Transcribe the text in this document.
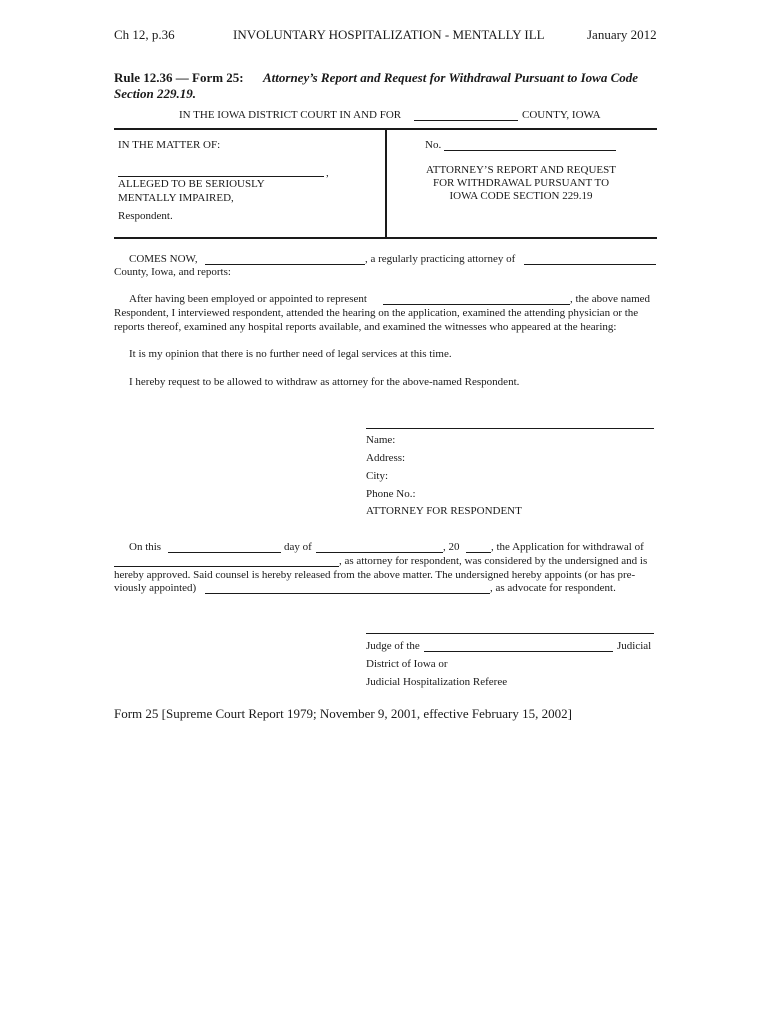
Ch 12, p.36	INVOLUNTARY HOSPITALIZATION - MENTALLY ILL	January 2012
Rule 12.36 — Form 25: Attorney’s Report and Request for Withdrawal Pursuant to Iowa Code
Section 229.19.
IN THE IOWA DISTRICT COURT IN AND FOR	COUNTY, IOWA
IN THE MATTER OF:
,
ALLEGED TO BE SERIOUSLY
MENTALLY IMPAIRED,
Respondent.
No.
ATTORNEY’S REPORT AND REQUEST
FOR WITHDRAWAL PURSUANT TO
IOWA CODE SECTION 229.19
COMES NOW,	, a regularly practicing attorney of
County, Iowa, and reports:
After having been employed or appointed to represent	, the above named
Respondent, I interviewed respondent, attended the hearing on the application, examined the attending physician or the
reports thereof, examined any hospital reports available, and examined the witnesses who appeared at the hearing:
It is my opinion that there is no further need of legal services at this time.
I hereby request to be allowed to withdraw as attorney for the above-named Respondent.
Name:
Address:
City:
Phone No.:
ATTORNEY FOR RESPONDENT
On this	day of	, 20	, the Application for withdrawal of
, as attorney for respondent, was considered by the undersigned and is
hereby approved. Said counsel is hereby released from the above matter. The undersigned hereby appoints (or has pre-
viously appointed)	, as advocate for respondent.
Judge of the	Judicial
District of Iowa or
Judicial Hospitalization Referee
Form 25 [Supreme Court Report 1979; November 9, 2001, effective February 15, 2002]
